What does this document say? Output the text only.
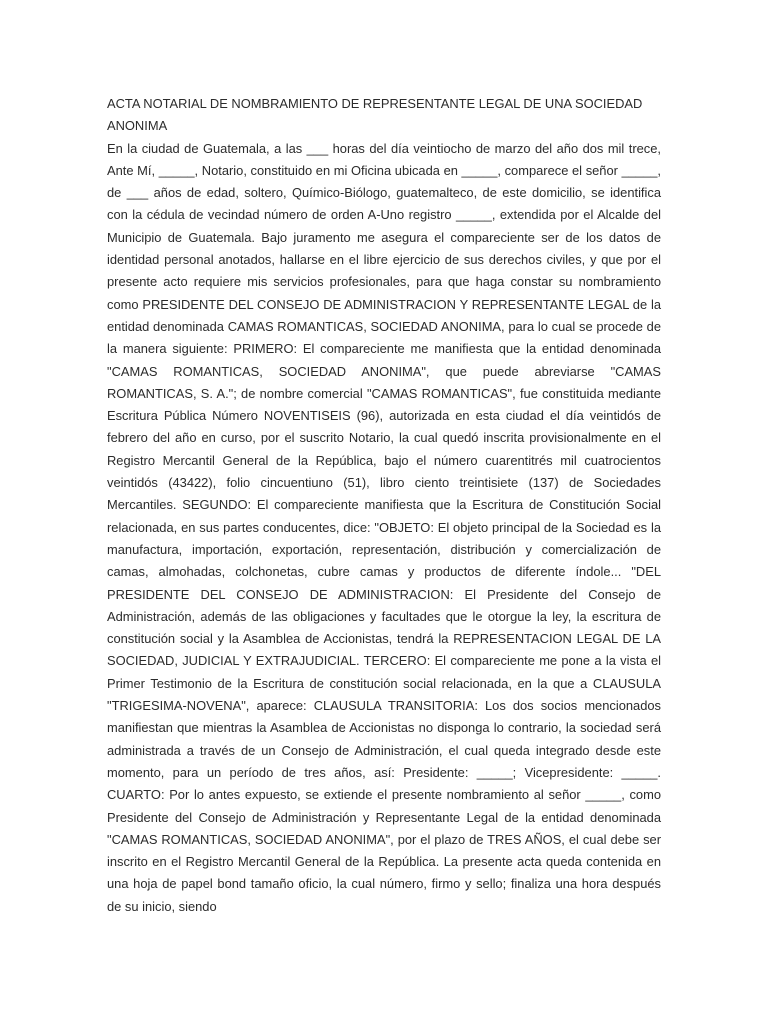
ACTA NOTARIAL DE NOMBRAMIENTO DE REPRESENTANTE LEGAL DE UNA SOCIEDAD ANONIMA

En la ciudad de Guatemala, a las ___ horas del día veintiocho de marzo del año dos mil trece, Ante Mí, _____, Notario, constituido en mi Oficina ubicada en _____, comparece el señor _____, de ___ años de edad, soltero, Químico-Biólogo, guatemalteco, de este domicilio, se identifica con la cédula de vecindad número de orden A-Uno registro _____, extendida por el Alcalde del Municipio de Guatemala. Bajo juramento me asegura el compareciente ser de los datos de identidad personal anotados, hallarse en el libre ejercicio de sus derechos civiles, y que por el presente acto requiere mis servicios profesionales, para que haga constar su nombramiento como PRESIDENTE DEL CONSEJO DE ADMINISTRACION Y REPRESENTANTE LEGAL de la entidad denominada CAMAS ROMANTICAS, SOCIEDAD ANONIMA, para lo cual se procede de la manera siguiente: PRIMERO: El compareciente me manifiesta que la entidad denominada "CAMAS ROMANTICAS, SOCIEDAD ANONIMA", que puede abreviarse "CAMAS ROMANTICAS, S. A."; de nombre comercial "CAMAS ROMANTICAS", fue constituida mediante Escritura Pública Número NOVENTISEIS (96), autorizada en esta ciudad el día veintidós de febrero del año en curso, por el suscrito Notario, la cual quedó inscrita provisionalmente en el Registro Mercantil General de la República, bajo el número cuarentitrés mil cuatrocientos veintidós (43422), folio cincuentiuno (51), libro ciento treintisiete (137) de Sociedades Mercantiles. SEGUNDO: El compareciente manifiesta que la Escritura de Constitución Social relacionada, en sus partes conducentes, dice: "OBJETO: El objeto principal de la Sociedad es la manufactura, importación, exportación, representación, distribución y comercialización de camas, almohadas, colchonetas, cubre camas y productos de diferente índole... "DEL PRESIDENTE DEL CONSEJO DE ADMINISTRACION: El Presidente del Consejo de Administración, además de las obligaciones y facultades que le otorgue la ley, la escritura de constitución social y la Asamblea de Accionistas, tendrá la REPRESENTACION LEGAL DE LA SOCIEDAD, JUDICIAL Y EXTRAJUDICIAL. TERCERO: El compareciente me pone a la vista el Primer Testimonio de la Escritura de constitución social relacionada, en la que a CLAUSULA "TRIGESIMA-NOVENA", aparece: CLAUSULA TRANSITORIA: Los dos socios mencionados manifiestan que mientras la Asamblea de Accionistas no disponga lo contrario, la sociedad será administrada a través de un Consejo de Administración, el cual queda integrado desde este momento, para un período de tres años, así: Presidente: _____; Vicepresidente: _____. CUARTO: Por lo antes expuesto, se extiende el presente nombramiento al señor _____, como Presidente del Consejo de Administración y Representante Legal de la entidad denominada "CAMAS ROMANTICAS, SOCIEDAD ANONIMA", por el plazo de TRES AÑOS, el cual debe ser inscrito en el Registro Mercantil General de la República. La presente acta queda contenida en una hoja de papel bond tamaño oficio, la cual número, firmo y sello; finaliza una hora después de su inicio, siendo
